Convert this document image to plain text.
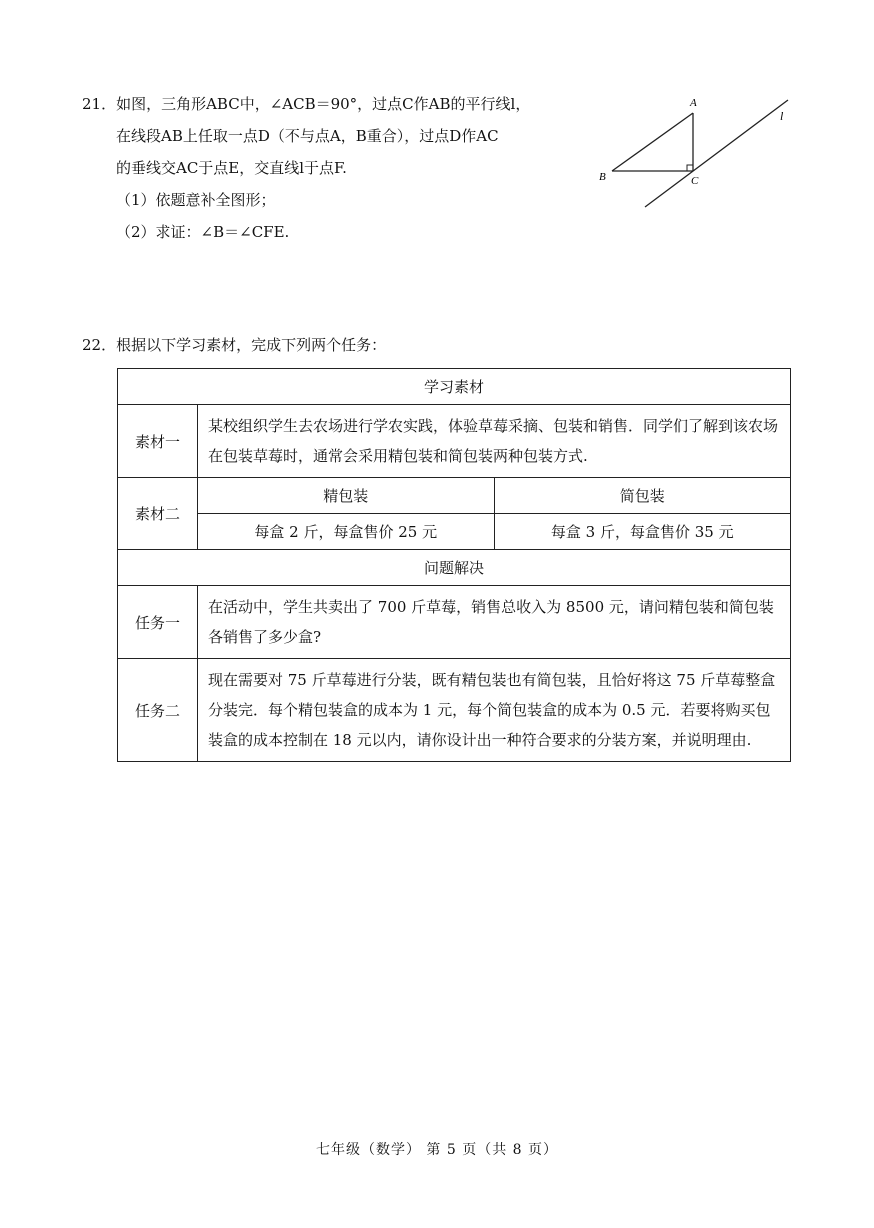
21．如图，三角形ABC中，∠ACB＝90°，过点C作AB的平行线l，
在线段AB上任取一点D（不与点A，B重合），过点D作AC
的垂线交AC于点E，交直线l于点F.
（1）依题意补全图形；
（2）求证：∠B＝∠CFE.
A
B	C
l
22．根据以下学习素材，完成下列两个任务：
学习素材		
素材一	某校组织学生去农场进行学农实践，体验草莓采摘、包装和销售．同学们了解到该农场在包装草莓时，通常会采用精包装和简包装两种包装方式.	
素材二	精包装	简包装
	每盒 2 斤，每盒售价 25 元	每盒 3 斤，每盒售价 35 元
问题解决		
任务一	在活动中，学生共卖出了 700 斤草莓，销售总收入为 8500 元，请问精包装和简包装各销售了多少盒?	
任务二	现在需要对 75 斤草莓进行分装，既有精包装也有简包装，且恰好将这 75 斤草莓整盒分装完．每个精包装盒的成本为 1 元，每个简包装盒的成本为 0.5 元．若要将购买包装盒的成本控制在 18 元以内，请你设计出一种符合要求的分装方案，并说明理由.	
七年级（数学） 第 5 页（共 8 页）
